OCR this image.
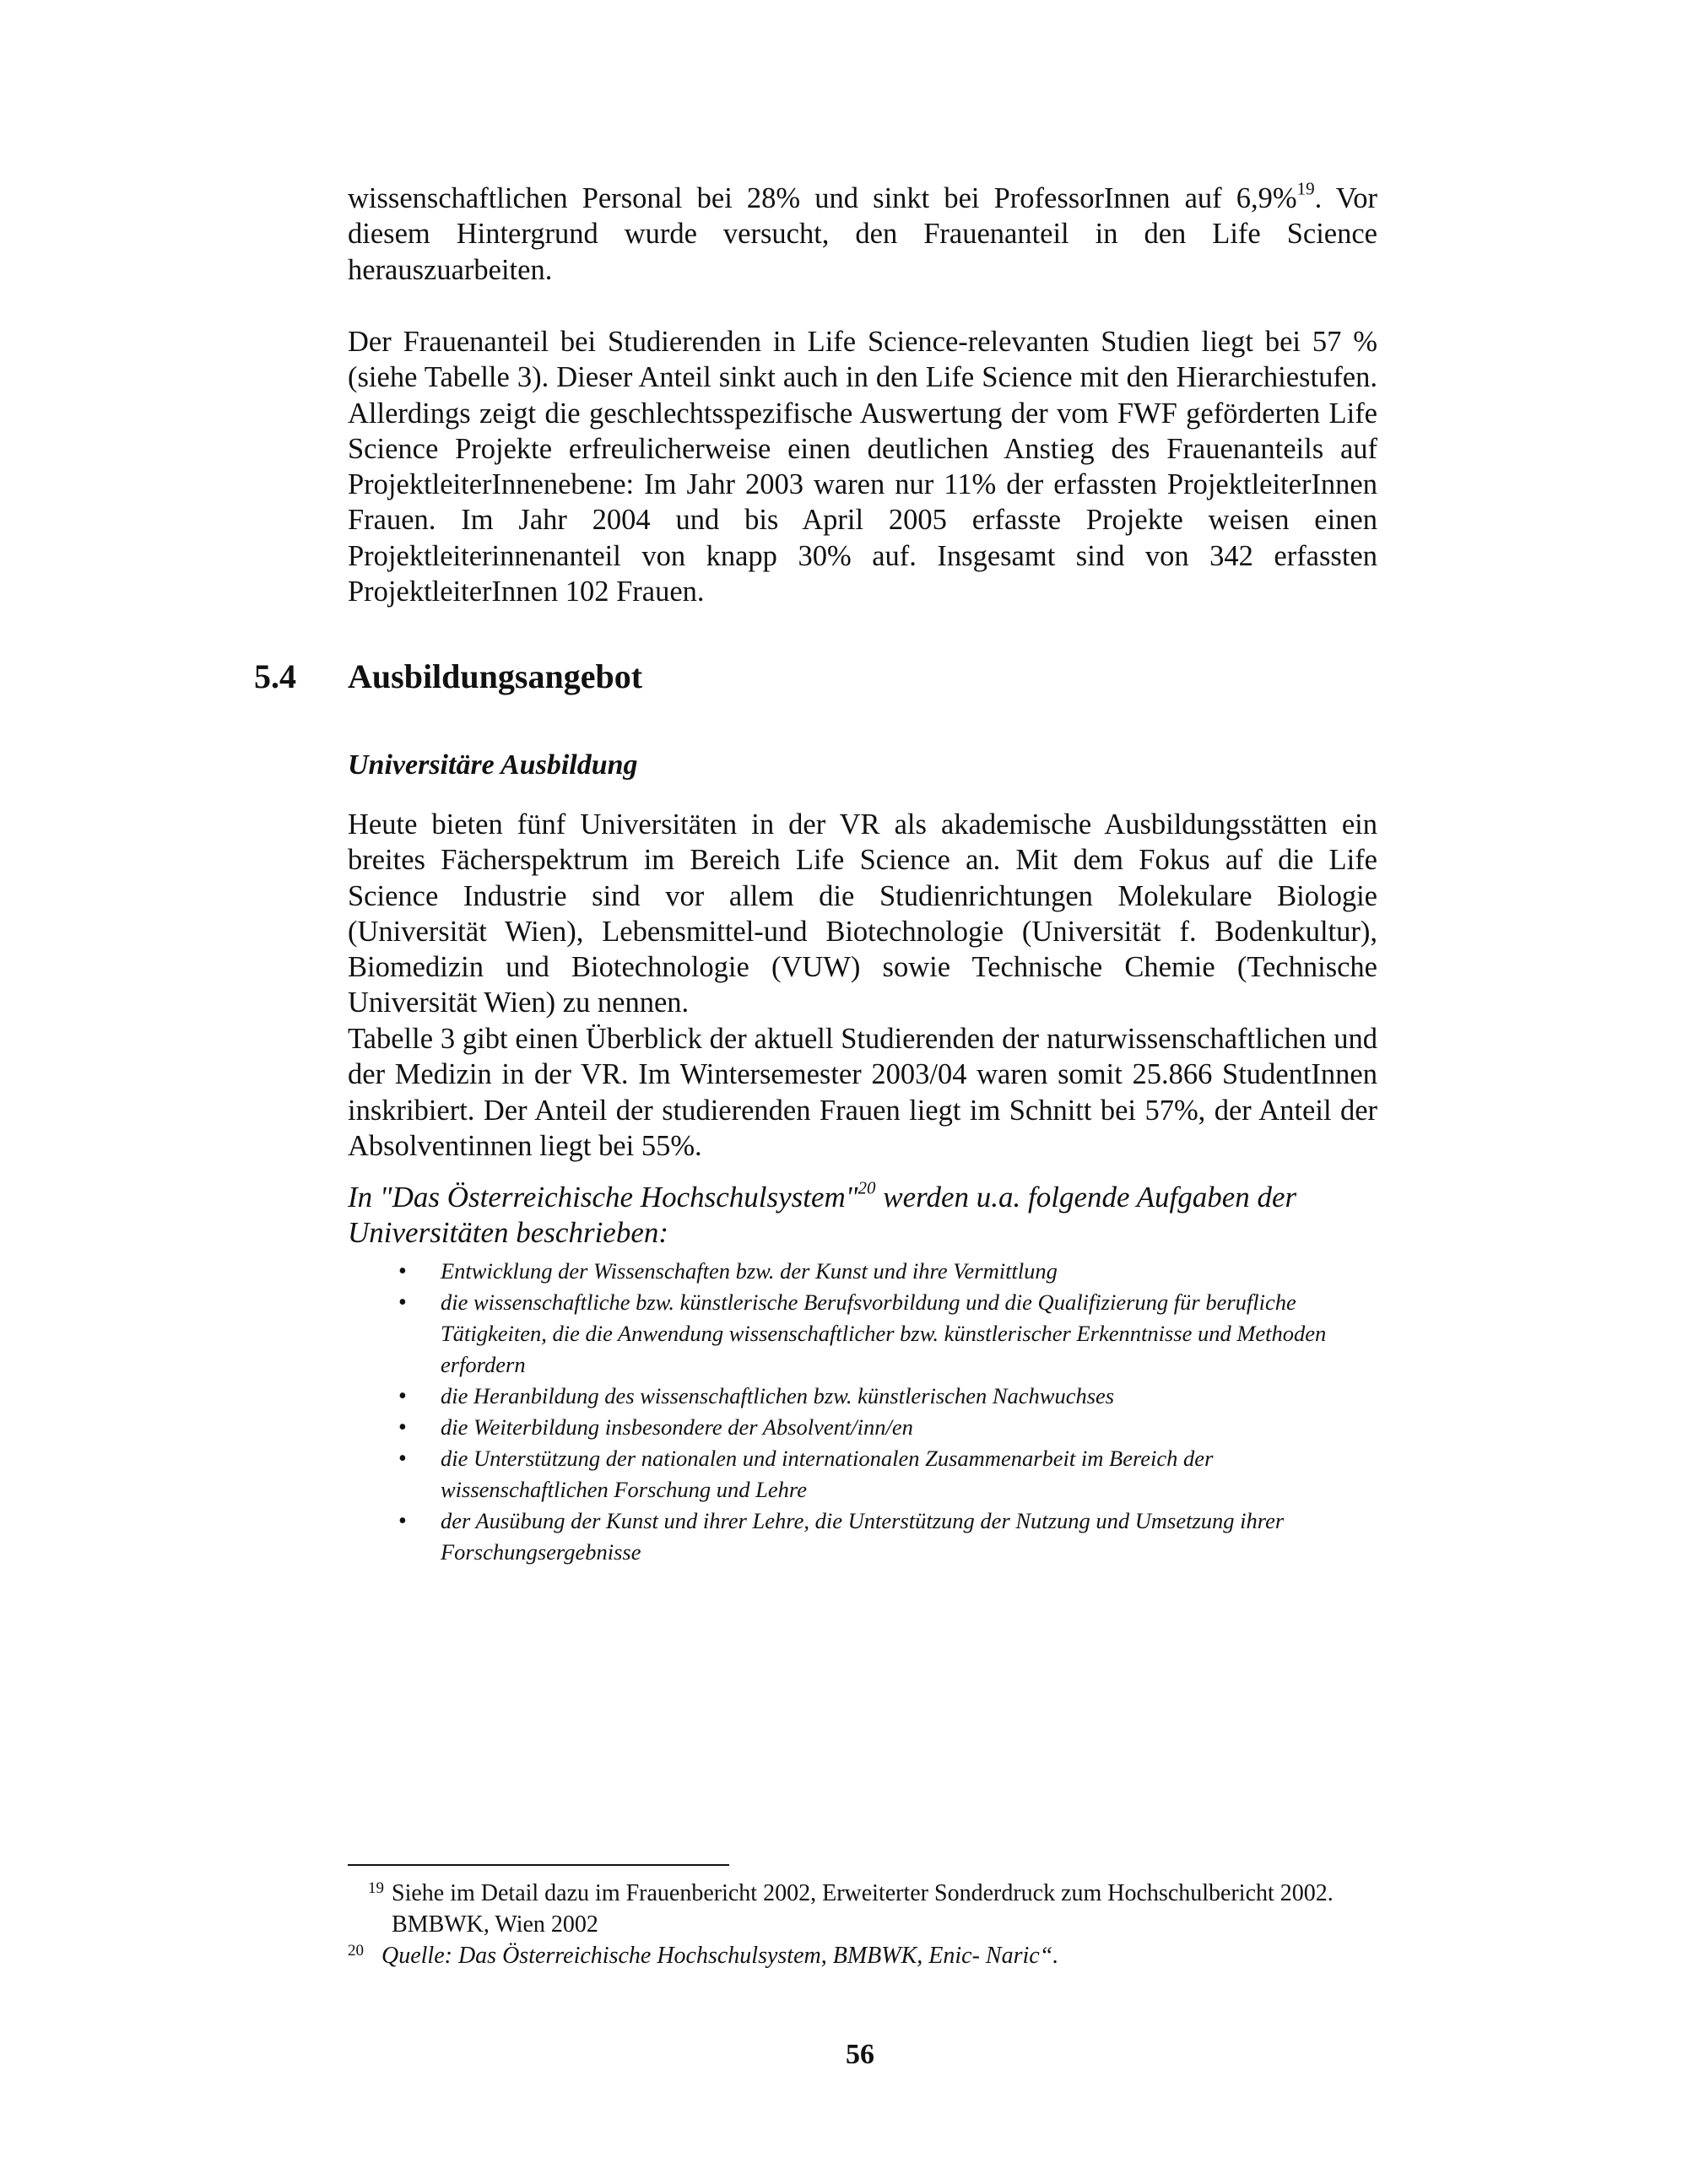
wissenschaftlichen Personal bei 28% und sinkt bei ProfessorInnen auf 6,9%$^{19}$. Vor diesem Hintergrund wurde versucht, den Frauenanteil in den Life Science herauszuarbeiten.

Der Frauenanteil bei Studierenden in Life Science-relevanten Studien liegt bei 57 % (siehe Tabelle 3). Dieser Anteil sinkt auch in den Life Science mit den Hierarchiestufen. Allerdings zeigt die geschlechtsspezifische Auswertung der vom FWF geförderten Life Science Projekte erfreulicherweise einen deutlichen Anstieg des Frauenanteils auf ProjektleiterInnenebene: Im Jahr 2003 waren nur 11% der erfassten ProjektleiterInnen Frauen. Im Jahr 2004 und bis April 2005 erfasste Projekte weisen einen Projektleiterinnenanteil von knapp 30% auf. Insgesamt sind von 342 erfassten ProjektleiterInnen 102 Frauen.

5.4 Ausbildungsangebot
Universitäre Ausbildung

Heute bieten fünf Universitäten in der VR als akademische Ausbildungsstätten ein breites Fächerspektrum im Bereich Life Science an. Mit dem Fokus auf die Life Science Industrie sind vor allem die Studienrichtungen Molekulare Biologie (Universität Wien), Lebensmittel-und Biotechnologie (Universität f. Bodenkultur), Biomedizin und Biotechnologie (VUW) sowie Technische Chemie (Technische Universität Wien) zu nennen.

Tabelle 3 gibt einen Überblick der aktuell Studierenden der naturwissenschaftlichen und der Medizin in der VR. Im Wintersemester 2003/04 waren somit 25.866 StudentInnen inskribiert. Der Anteil der studierenden Frauen liegt im Schnitt bei 57%, der Anteil der Absolventinnen liegt bei 55%.

In "Das Österreichische Hochschulsystem"$^{20}$ werden u.a. folgende Aufgaben der Universitäten beschrieben:

• Entwicklung der Wissenschaften bzw. der Kunst und ihre Vermittlung
• die wissenschaftliche bzw. künstlerische Berufsvorbildung und die Qualifizierung für berufliche Tätigkeiten, die die Anwendung wissenschaftlicher bzw. künstlerischer Erkenntnisse und Methoden erfordern
• die Heranbildung des wissenschaftlichen bzw. künstlerischen Nachwuchses
• die Weiterbildung insbesondere der Absolvent/inn/en
• die Unterstützung der nationalen und internationalen Zusammenarbeit im Bereich der wissenschaftlichen Forschung und Lehre
• der Ausübung der Kunst und ihrer Lehre, die Unterstützung der Nutzung und Umsetzung ihrer Forschungsergebnisse

19 Siehe im Detail dazu im Frauenbericht 2002, Erweiterter Sonderdruck zum Hochschulbericht 2002. BMBWK, Wien 2002

20 Quelle: Das Österreichische Hochschulsystem, BMBWK, Enic- Naric“.

56
